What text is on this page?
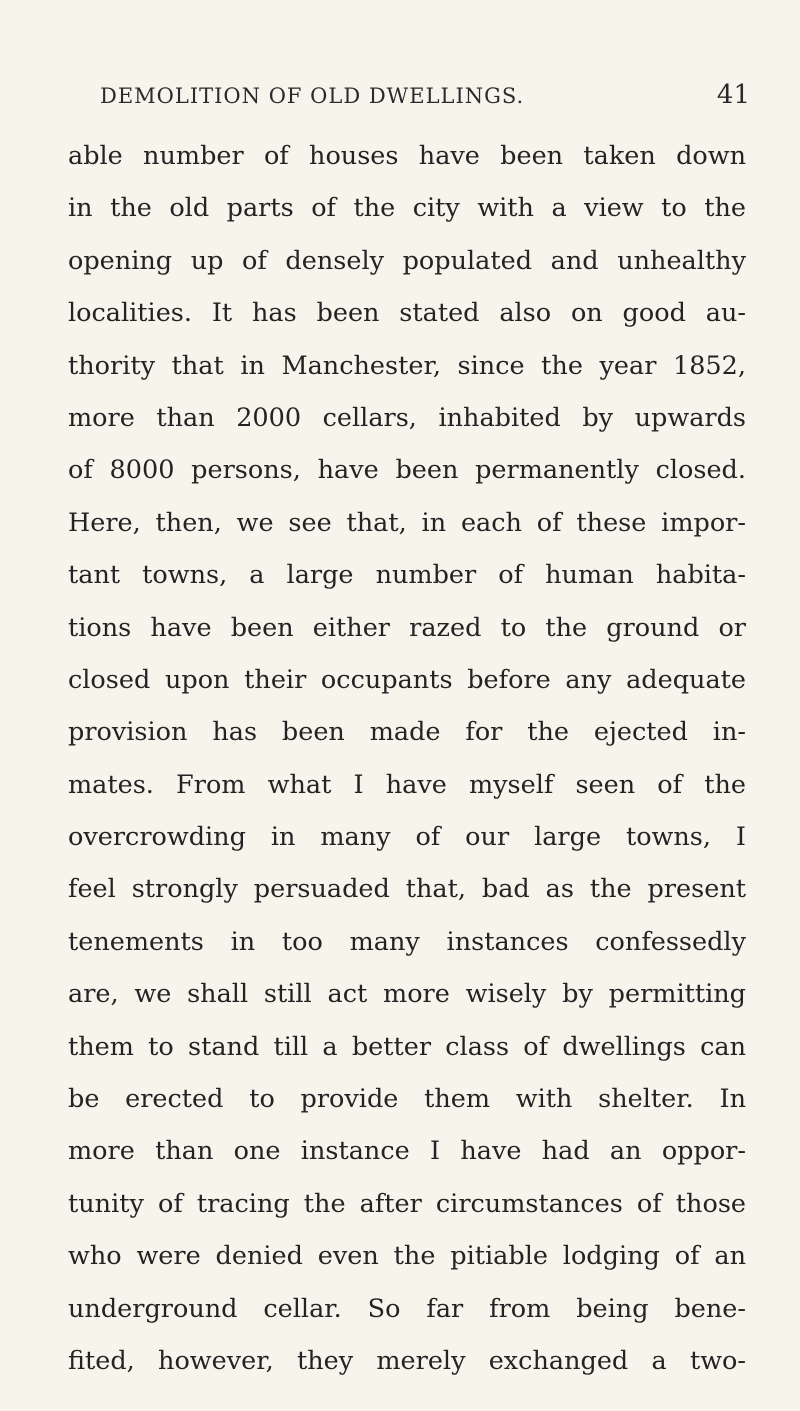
DEMOLITION OF OLD DWELLINGS.	41
able number of houses have been taken down
in the old parts of the city with a view to the
opening up of densely populated and unhealthy
localities. It has been stated also on good au-
thority that in Manchester, since the year 1852,
more than 2000 cellars, inhabited by upwards
of 8000 persons, have been permanently closed.
Here, then, we see that, in each of these impor-
tant towns, a large number of human habita-
tions have been either razed to the ground or
closed upon their occupants before any adequate
provision has been made for the ejected in-
mates. From what I have myself seen of the
overcrowding in many of our large towns, I
feel strongly persuaded that, bad as the present
tenements in too many instances confessedly
are, we shall still act more wisely by permitting
them to stand till a better class of dwellings can
be erected to provide them with shelter. In
more than one instance I have had an oppor-
tunity of tracing the after circumstances of those
who were denied even the pitiable lodging of an
underground cellar. So far from being bene-
fited, however, they merely exchanged a two-
